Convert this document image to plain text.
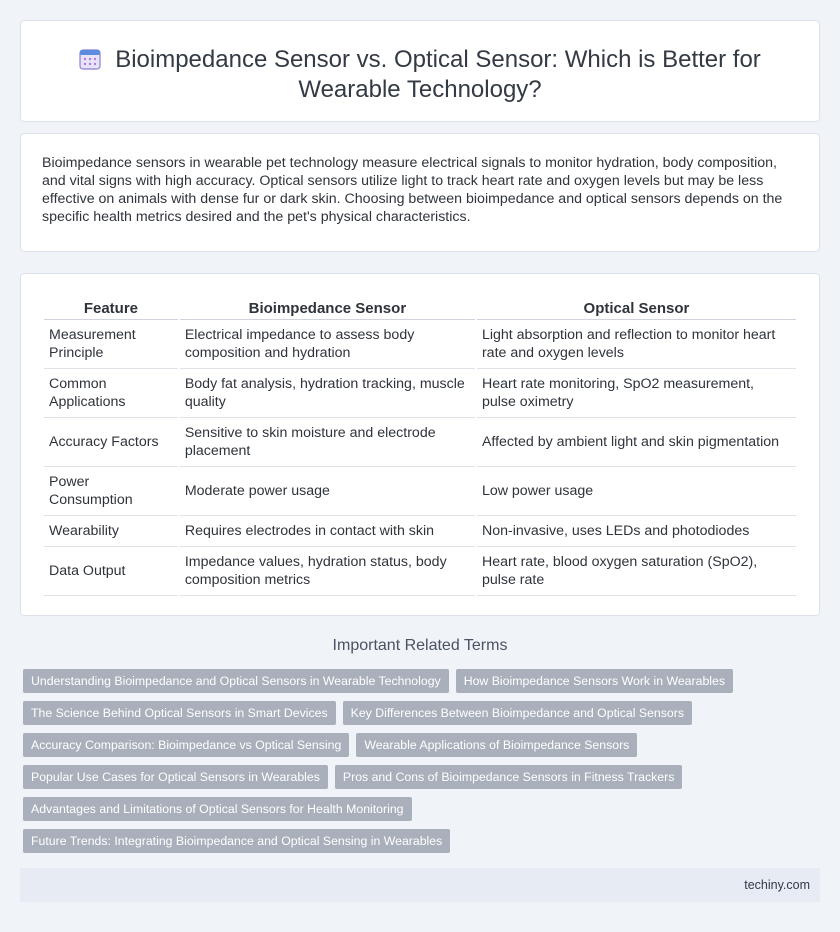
Bioimpedance Sensor vs. Optical Sensor: Which is Better for Wearable Technology?

Bioimpedance sensors in wearable pet technology measure electrical signals to monitor hydration, body composition, and vital signs with high accuracy. Optical sensors utilize light to track heart rate and oxygen levels but may be less effective on animals with dense fur or dark skin. Choosing between bioimpedance and optical sensors depends on the specific health metrics desired and the pet's physical characteristics.

Feature	Bioimpedance Sensor	Optical Sensor
Measurement Principle	Electrical impedance to assess body composition and hydration	Light absorption and reflection to monitor heart rate and oxygen levels
Common Applications	Body fat analysis, hydration tracking, muscle quality	Heart rate monitoring, SpO2 measurement, pulse oximetry
Accuracy Factors	Sensitive to skin moisture and electrode placement	Affected by ambient light and skin pigmentation
Power Consumption	Moderate power usage	Low power usage
Wearability	Requires electrodes in contact with skin	Non-invasive, uses LEDs and photodiodes
Data Output	Impedance values, hydration status, body composition metrics	Heart rate, blood oxygen saturation (SpO2), pulse rate
Important Related Terms
Understanding Bioimpedance and Optical Sensors in Wearable Technology How Bioimpedance Sensors Work in Wearables
The Science Behind Optical Sensors in Smart Devices Key Differences Between Bioimpedance and Optical Sensors
Accuracy Comparison: Bioimpedance vs Optical Sensing Wearable Applications of Bioimpedance Sensors
Popular Use Cases for Optical Sensors in Wearables Pros and Cons of Bioimpedance Sensors in Fitness Trackers
Advantages and Limitations of Optical Sensors for Health Monitoring
Future Trends: Integrating Bioimpedance and Optical Sensing in Wearables
techiny.com
